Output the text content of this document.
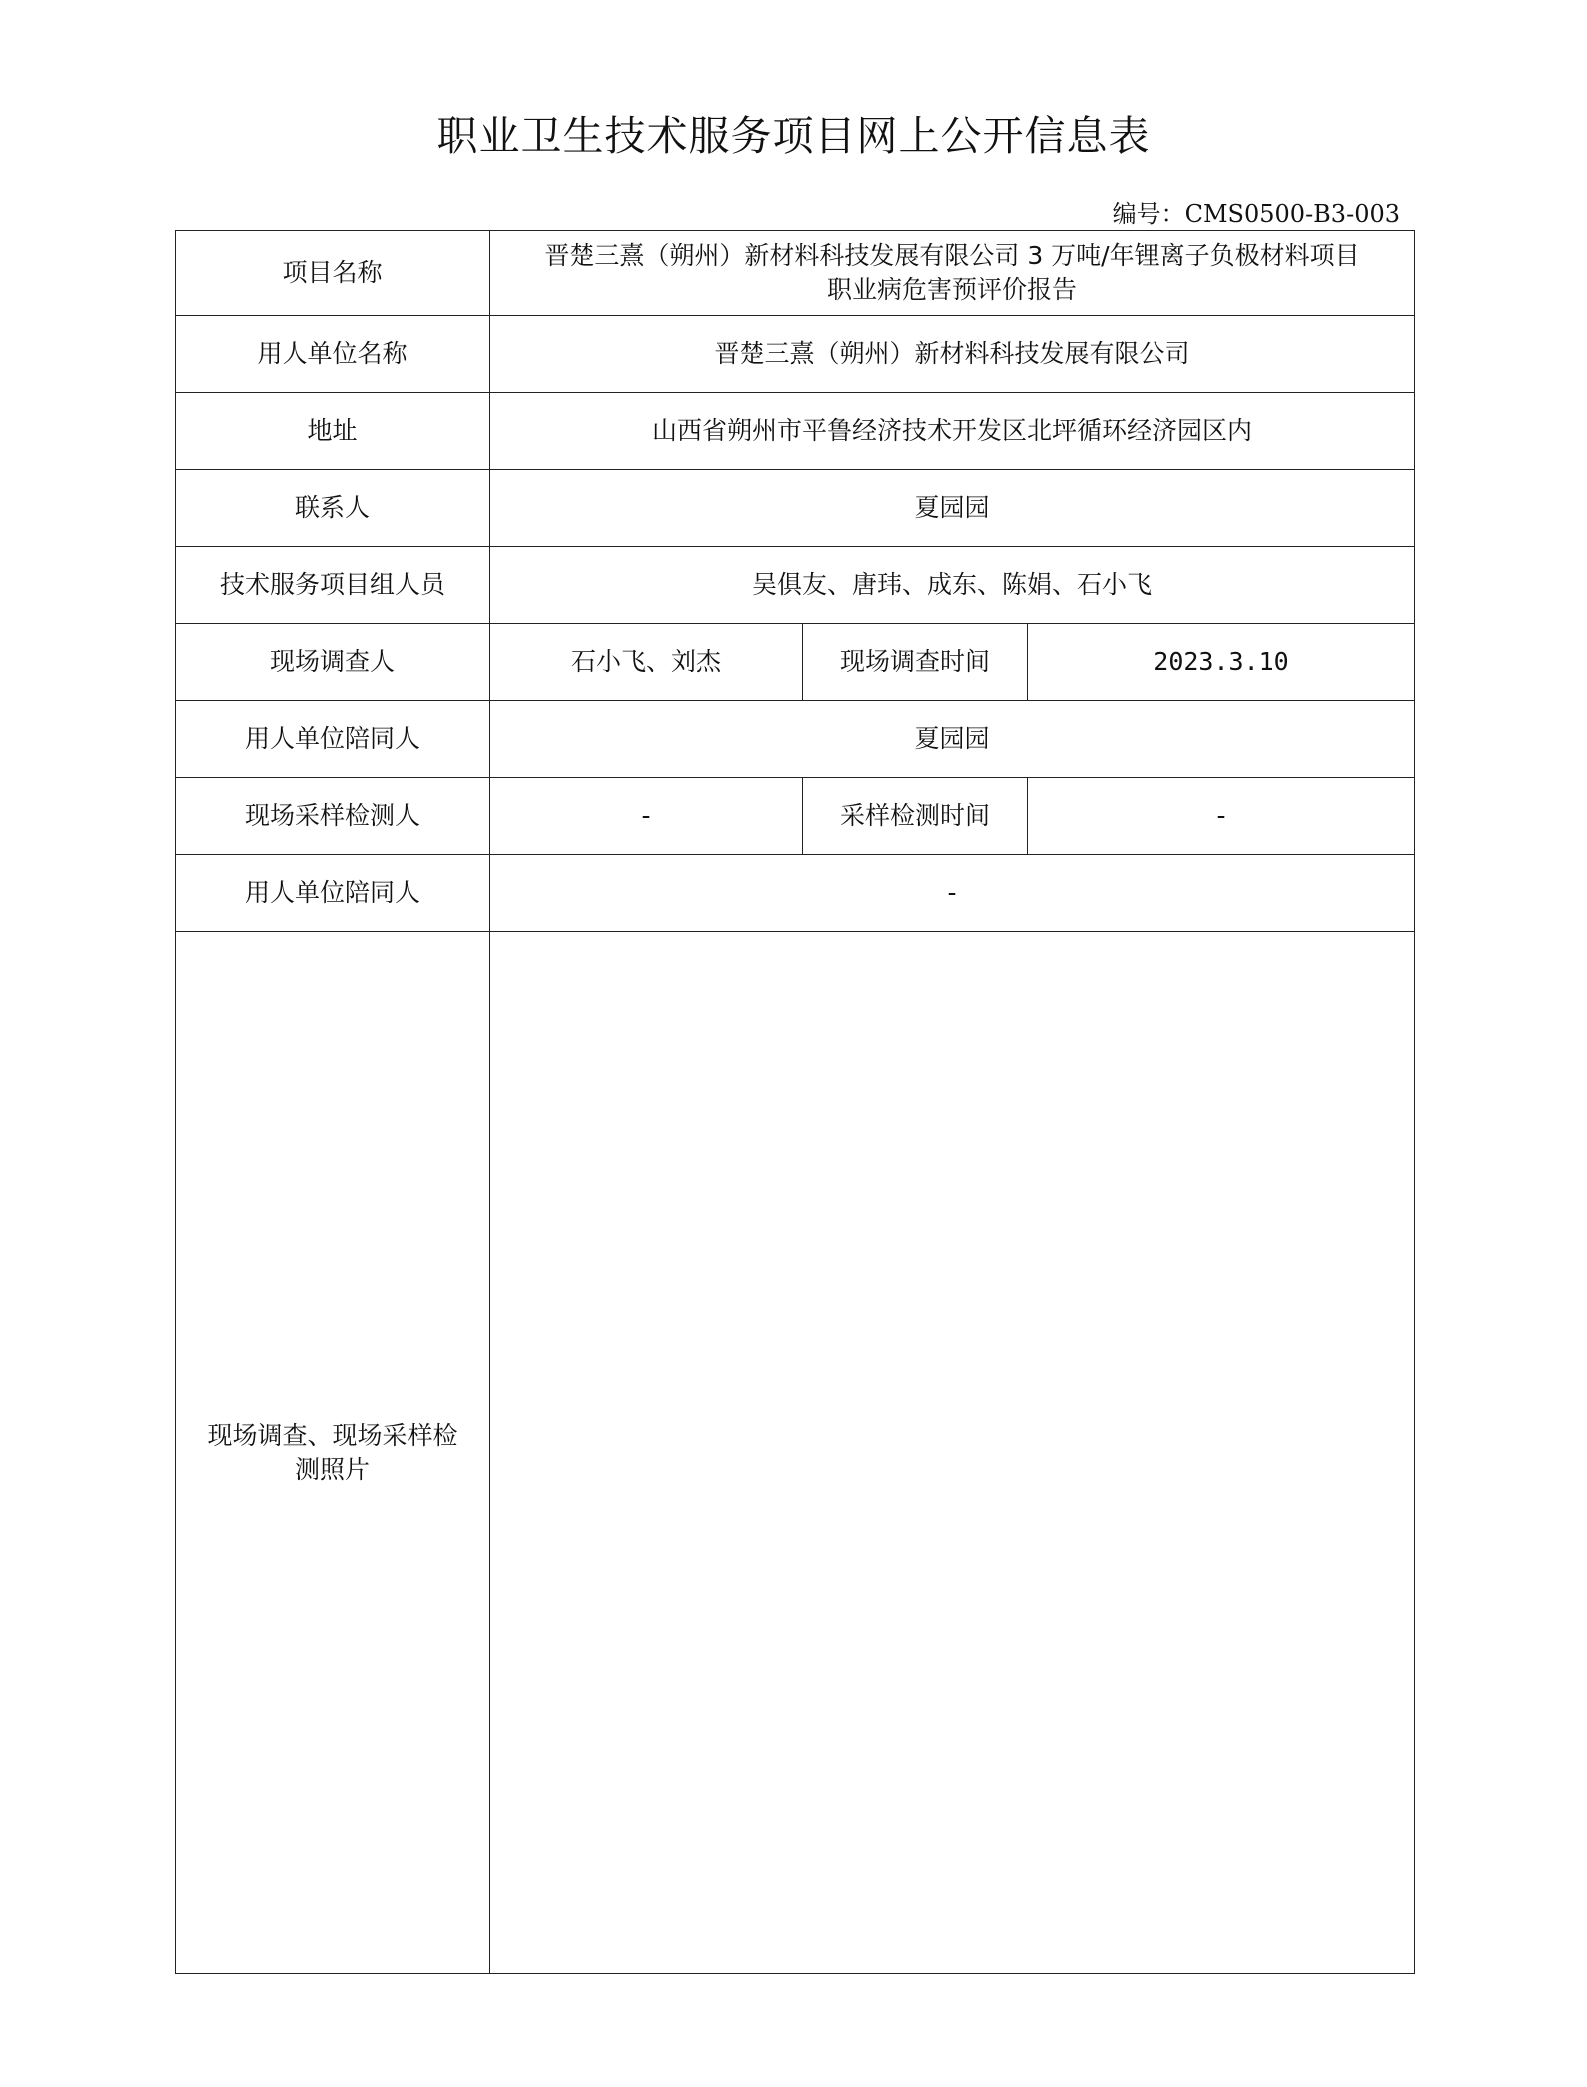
职业卫生技术服务项目网上公开信息表
编号：CMS0500-B3-003
项目名称	晋楚三熹（朔州）新材料科技发展有限公司 3 万吨/年锂离子负极材料项目
职业病危害预评价报告		

用人单位名称	晋楚三熹（朔州）新材料科技发展有限公司		
地址	山西省朔州市平鲁经济技术开发区北坪循环经济园区内		
联系人	夏园园		
技术服务项目组人员	吴俱友、唐玮、成东、陈娟、石小飞		
现场调查人	石小飞、刘杰	现场调查时间	2023.3.10
用人单位陪同人	夏园园		
现场采样检测人	-	采样检测时间	-
用人单位陪同人	-		

现场调查、现场采样检
测照片			
